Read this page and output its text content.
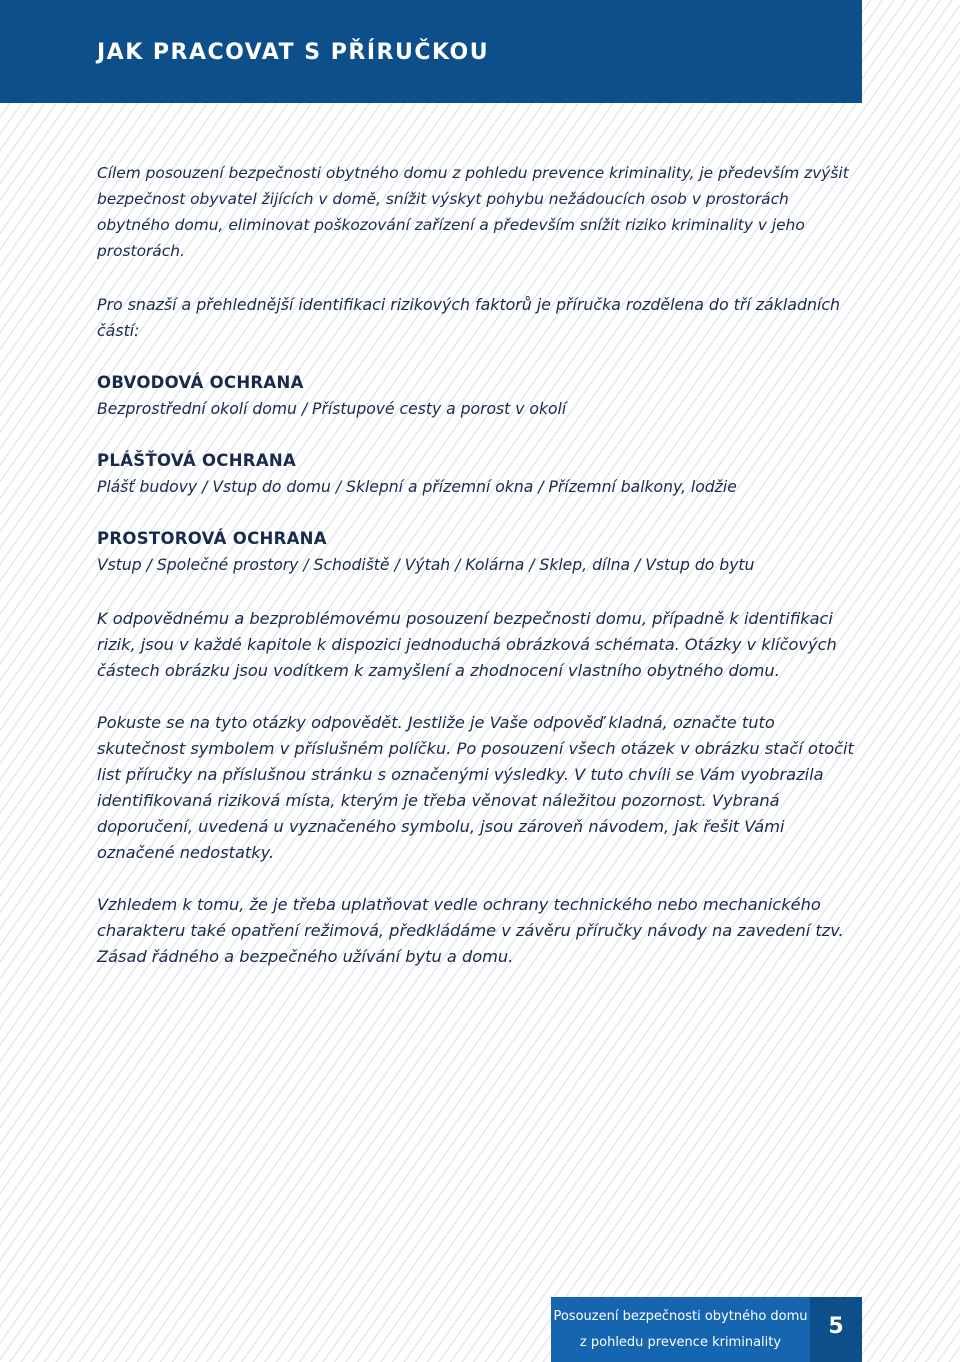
JAK PRACOVAT S PŘÍRUČKOU

Cílem posouzení bezpečnosti obytného domu z pohledu prevence kriminality, je především zvýšit bezpečnost obyvatel žijících v domě, snížit výskyt pohybu nežádoucích osob v prostorách obytného domu, eliminovat poškozování zařízení a především snížit riziko kriminality v jeho prostorách.

Pro snazší a přehlednější identifikaci rizikových faktorů je příručka rozdělena do tří základních částí:

OBVODOVÁ OCHRANA
Bezprostřední okolí domu / Přístupové cesty a porost v okolí
PLÁŠŤOVÁ OCHRANA
Plášť budovy / Vstup do domu / Sklepní a přízemní okna / Přízemní balkony, lodžie
PROSTOROVÁ OCHRANA
Vstup / Společné prostory / Schodiště / Výtah / Kolárna / Sklep, dílna / Vstup do bytu

K odpovědnému a bezproblémovému posouzení bezpečnosti domu, případně k identifikaci rizik, jsou v každé kapitole k dispozici jednoduchá obrázková schémata. Otázky v klíčových částech obrázku jsou vodítkem k zamyšlení a zhodnocení vlastního obytného domu.

Pokuste se na tyto otázky odpovědět. Jestliže je Vaše odpověď kladná, označte tuto skutečnost symbolem v příslušném políčku. Po posouzení všech otázek v obrázku stačí otočit list příručky na příslušnou stránku s označenými výsledky. V tuto chvíli se Vám vyobrazila identifikovaná riziková místa, kterým je třeba věnovat náležitou pozornost. Vybraná doporučení, uvedená u vyznačeného symbolu, jsou zároveň návodem, jak řešit Vámi označené nedostatky.

Vzhledem k tomu, že je třeba uplatňovat vedle ochrany technického nebo mechanického charakteru také opatření režimová, předkládáme v závěru příručky návody na zavedení tzv. Zásad řádného a bezpečného užívání bytu a domu.

Posouzení bezpečnosti obytného domu
z pohledu prevence kriminality
5
